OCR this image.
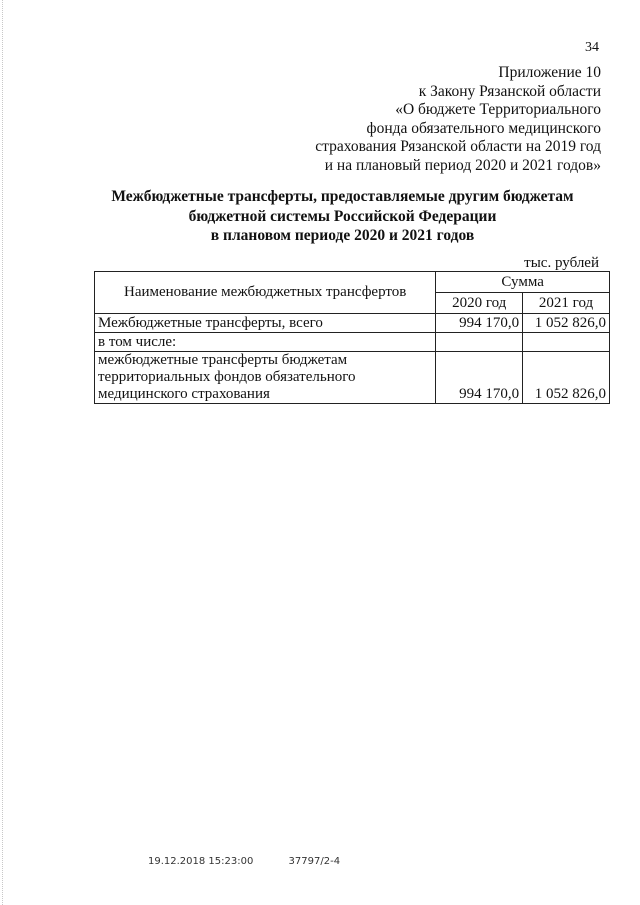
34
Приложение 10
к Закону Рязанской области
«О бюджете Территориального
фонда обязательного медицинского
страхования Рязанской области на 2019 год
и на плановый период 2020 и 2021 годов»
Межбюджетные трансферты, предоставляемые другим бюджетам
бюджетной системы Российской Федерации
в плановом периоде 2020 и 2021 годов
тыс. рублей
Наименование межбюджетных трансфертов	Сумма	
	2020 год	2021 год
Межбюджетные трансферты, всего	994 170,0	1 052 826,0
в том числе:		
межбюджетные трансферты бюджетам территориальных фондов обязательного медицинского страхования	994 170,0	1 052 826,0
19.12.2018 15:23:00	37797/2-4
